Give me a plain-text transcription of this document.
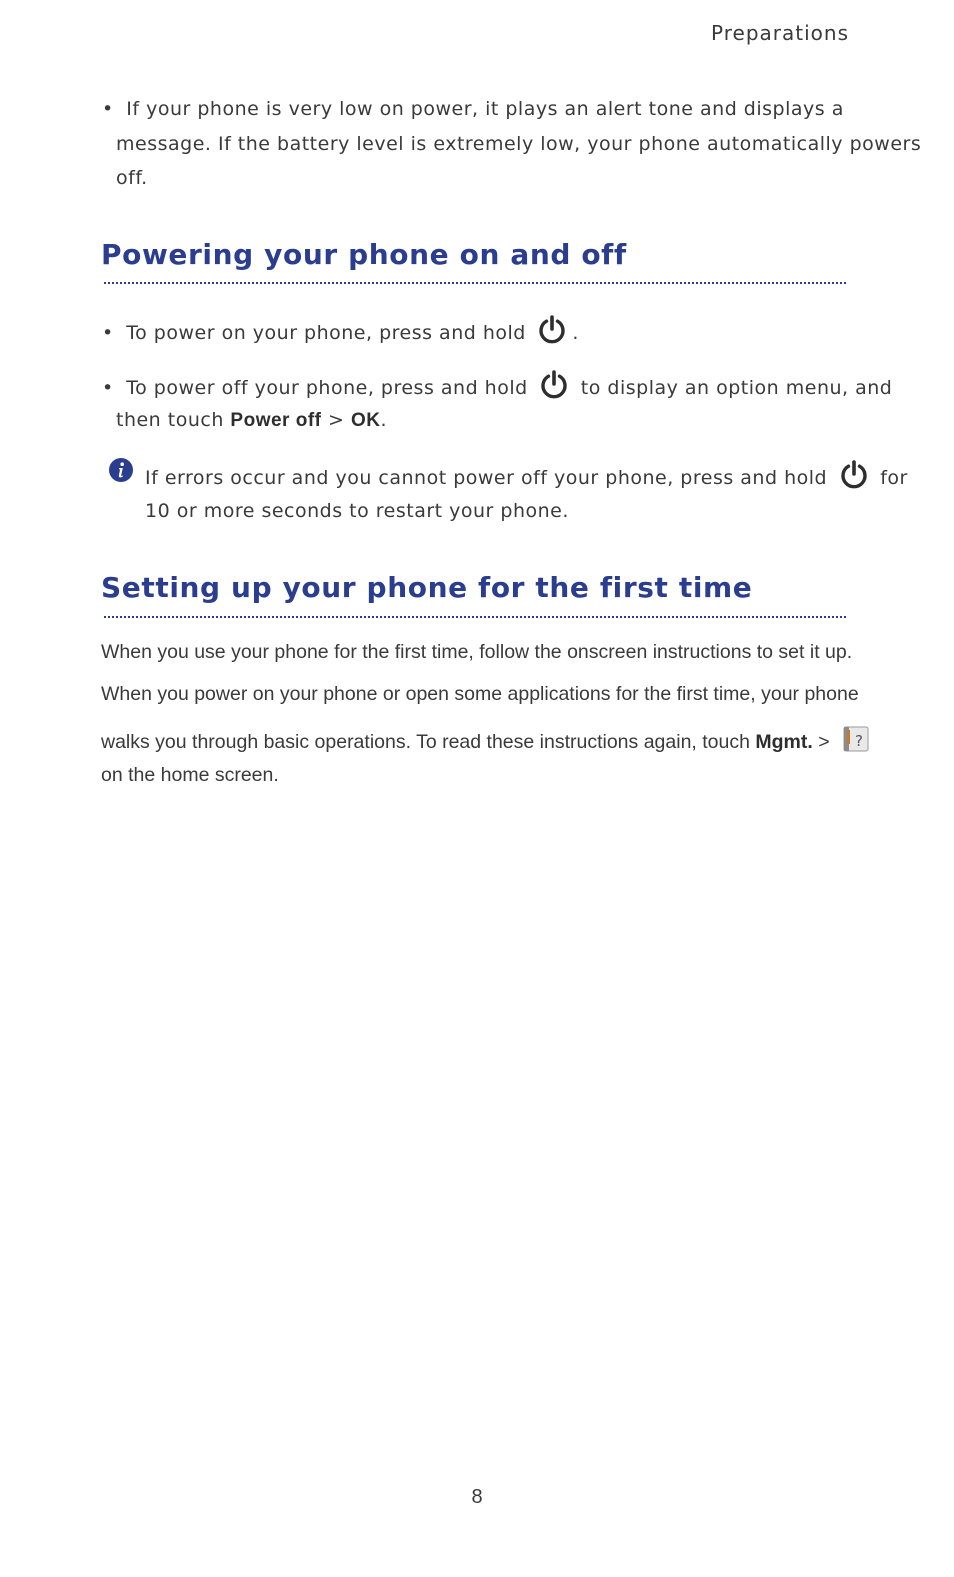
Preparations
• If your phone is very low on power, it plays an alert tone and displays a
message. If the battery level is extremely low, your phone automatically powers
off.
Powering your phone on and off
• To power on your phone, press and hold .
• To power off your phone, press and hold	to display an option menu, and
then touch Power off > OK.
If errors occur and you cannot power off your phone, press and hold	for
10 or more seconds to restart your phone.
Setting up your phone for the first time
When you use your phone for the first time, follow the onscreen instructions to set it up.
When you power on your phone or open some applications for the first time, your phone
walks you through basic operations. To read these instructions again, touch Mgmt. > ?
on the home screen.
8
